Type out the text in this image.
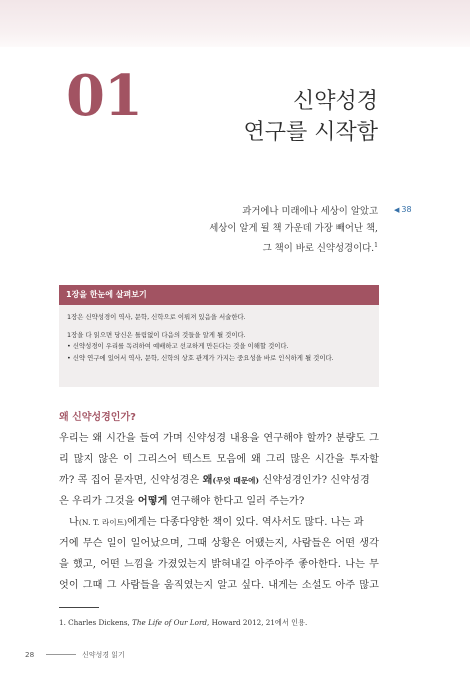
01	신약성경
연구를 시작함
과거에나 미래에나 세상이 알았고
세상이 알게 될 책 가운데 가장 빼어난 책,
그 책이 바로 신약성경이다.$^1$
◀ 38
1장을 한눈에 살펴보기
1장은 신약성경이 역사, 문학, 신학으로 이뤄져 있음을 서술한다.
1장을 다 읽으면 당신은 틀림없이 다음의 것들을 알게 될 것이다.
• 신약성경이 우리를 독려하여 예배하고 선교하게 만든다는 것을 이해할 것이다.
• 신약 연구에 있어서 역사, 문학, 신학의 상호 관계가 가지는 중요성을 바로 인식하게 될 것이다.
왜 신약성경인가?
우리는 왜 시간을 들여 가며 신약성경 내용을 연구해야 할까? 분량도 그
리 많지 않은 이 그리스어 텍스트 모음에 왜 그리 많은 시간을 투자할
까? 콕 집어 묻자면, 신약성경은 왜(무엇 때문에) 신약성경인가? 신약성경
은 우리가 그것을 어떻게 연구해야 한다고 일러 주는가?
나(N. T. 라이트)에게는 다종다양한 책이 있다. 역사서도 많다. 나는 과
거에 무슨 일이 일어났으며, 그때 상황은 어땠는지, 사람들은 어떤 생각
을 했고, 어떤 느낌을 가졌었는지 밝혀내길 아주아주 좋아한다. 나는 무
엇이 그때 그 사람들을 움직였는지 알고 싶다. 내게는 소설도 아주 많고
1. Charles Dickens, The Life of Our Lord, Howard 2012, 21에서 인용.
28	신약성경 읽기
